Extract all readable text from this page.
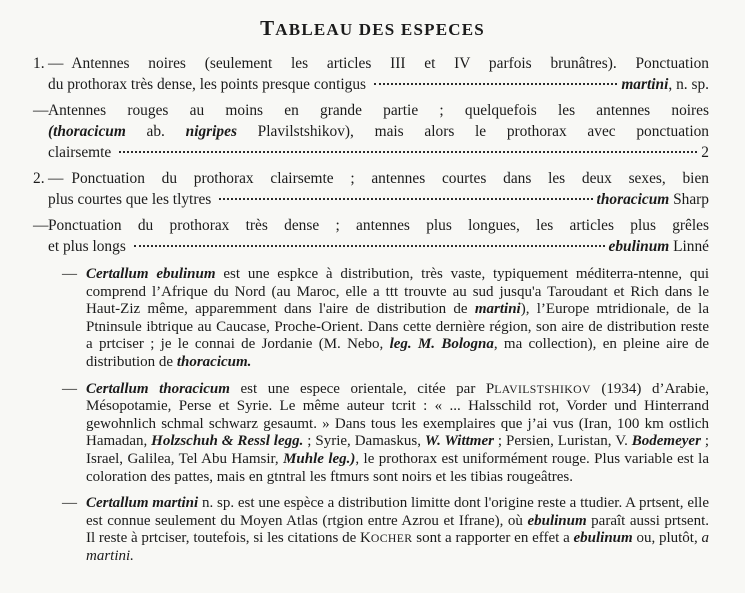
TABLEAU DES ESPECES
1. — Antennes noires (seulement les articles III et IV parfois brunâtres). Ponctuation
du prothorax très dense, les points presque contigus	martini, n. sp.
— Antennes rouges au moins en grande partie ; quelquefois les antennes noires
(thoracicum ab. nigripes Plavilstshikov), mais alors le prothorax avec ponctuation
clairsemte	2
2. — Ponctuation du prothorax clairsemte ; antennes courtes dans les deux sexes, bien
plus courtes que les tlytres	thoracicum Sharp
— Ponctuation du prothorax très dense ; antennes plus longues, les articles plus grêles
et plus longs	ebulinum Linné
— Certallum ebulinum est une espkce à distribution, très vaste, typiquement méditerra-ntenne, qui comprend l’Afrique du Nord (au Maroc, elle a ttt trouvte au sud jusqu'a Taroudant et Rich dans le Haut-Ziz même, apparemment dans l'aire de distribution de martini), l’Europe mtridionale, de la Ptninsule ibtrique au Caucase, Proche-Orient. Dans cette dernière région, son aire de distribution reste a prtciser ; je le connai de Jordanie (M. Nebo, leg. M. Bologna, ma collection), en pleine aire de distribution de thoracicum.
— Certallum thoracicum est une espece orientale, citée par PLAVILSTSHIKOV (1934) d’Arabie, Mésopotamie, Perse et Syrie. Le même auteur tcrit : « ... Halsschild rot, Vorder und Hinterrand gewohnlich schmal schwarz gesaumt. » Dans tous les exemplaires que j’ai vus (Iran, 100 km ostlich Hamadan, Holzschuh & Ressl legg. ; Syrie, Damaskus, W. Wittmer ; Persien, Luristan, V. Bodemeyer ; Israel, Galilea, Tel Abu Hamsir, Muhle leg.), le prothorax est uniformément rouge. Plus variable est la coloration des pattes, mais en gtntral les ftmurs sont noirs et les tibias rougeâtres.
— Certallum martini n. sp. est une espèce a distribution limitte dont l'origine reste a ttudier. A prtsent, elle est connue seulement du Moyen Atlas (rtgion entre Azrou et Ifrane), où ebulinum paraît aussi prtsent. Il reste à prtciser, toutefois, si les citations de KOCHER sont a rapporter en effet a ebulinum ou, plutôt, a martini.
